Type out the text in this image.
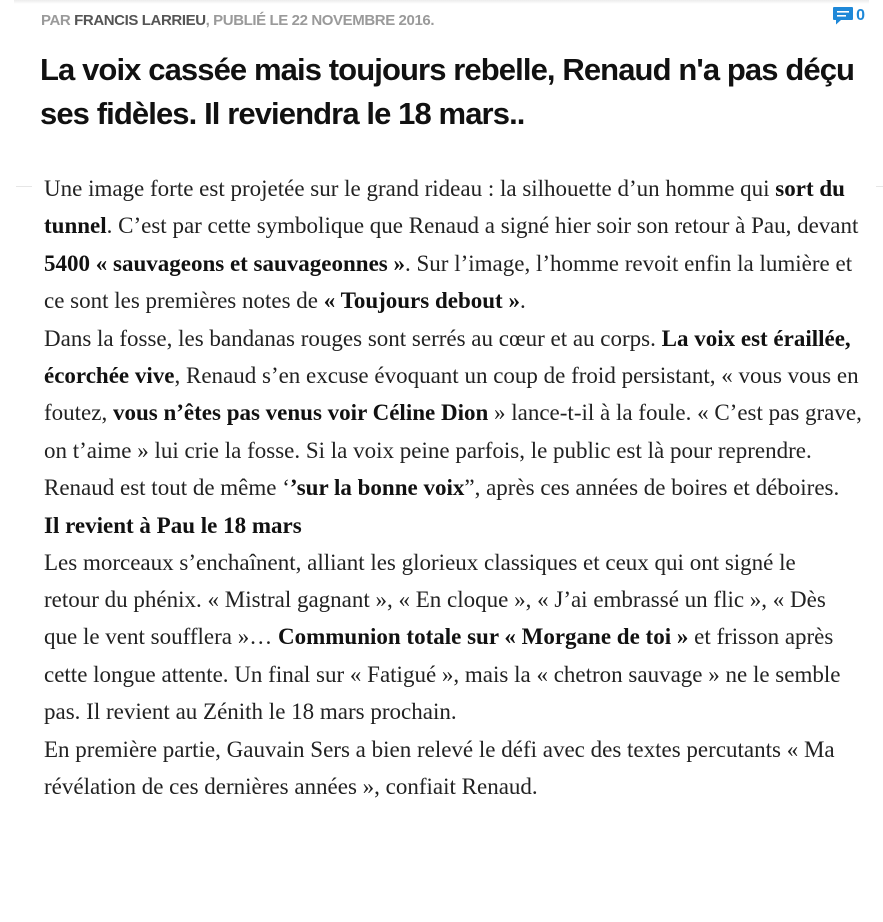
PAR FRANCIS LARRIEU, PUBLIÉ LE 22 NOVEMBRE 2016.	0
La voix cassée mais toujours rebelle, Renaud n'a pas déçu ses fidèles. Il reviendra le 18 mars..

Une image forte est projetée sur le grand rideau : la silhouette d’un homme qui sort du tunnel. C’est par cette symbolique que Renaud a signé hier soir son retour à Pau, devant 5400 « sauvageons et sauvageonnes ». Sur l’image, l’homme revoit enfin la lumière et ce sont les premières notes de « Toujours debout ».

Dans la fosse, les bandanas rouges sont serrés au cœur et au corps. La voix est éraillée, écorchée vive, Renaud s’en excuse évoquant un coup de froid persistant, « vous vous en foutez, vous n’êtes pas venus voir Céline Dion » lance-t-il à la foule. « C’est pas grave, on t’aime » lui crie la fosse. Si la voix peine parfois, le public est là pour reprendre. Renaud est tout de même ‘’sur la bonne voix”, après ces années de boires et déboires.

Il revient à Pau le 18 mars

Les morceaux s’enchaînent, alliant les glorieux classiques et ceux qui ont signé le retour du phénix. « Mistral gagnant », « En cloque », « J’ai embrassé un flic », « Dès que le vent soufflera »… Communion totale sur « Morgane de toi » et frisson après cette longue attente. Un final sur « Fatigué », mais la « chetron sauvage » ne le semble pas. Il revient au Zénith le 18 mars prochain.

En première partie, Gauvain Sers a bien relevé le défi avec des textes percutants « Ma révélation de ces dernières années », confiait Renaud.
